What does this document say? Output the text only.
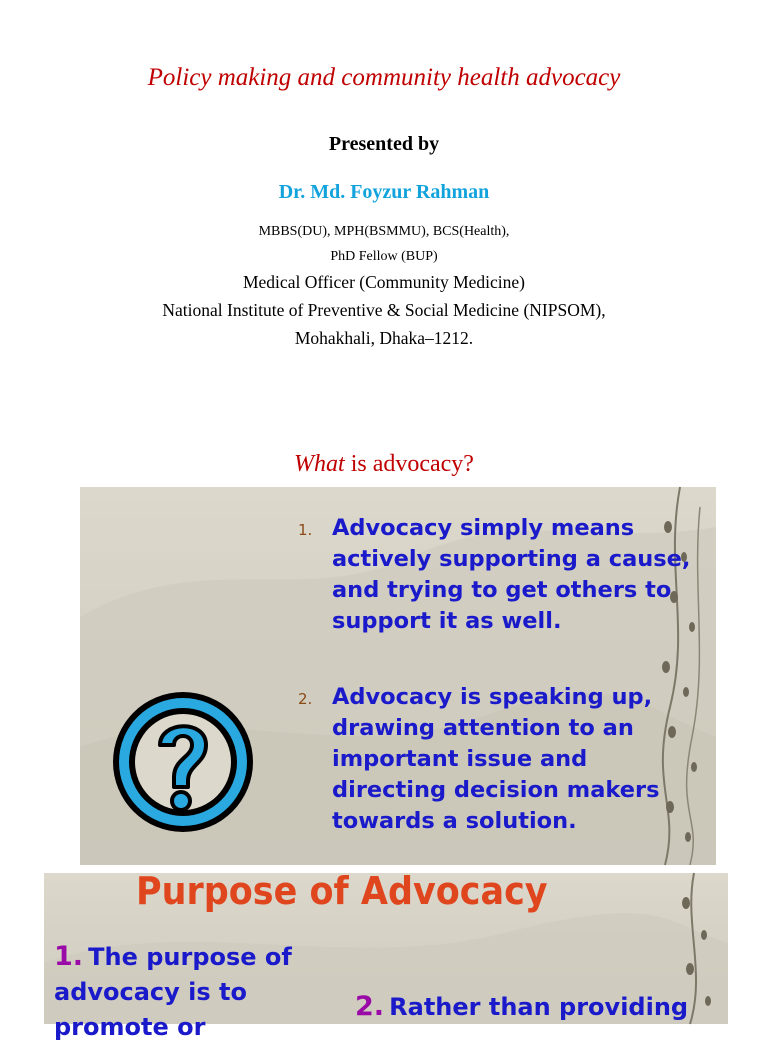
Policy making and community health advocacy
Presented by
Dr. Md. Foyzur Rahman
MBBS(DU), MPH(BSMMU), BCS(Health),
PhD Fellow (BUP)
Medical Officer (Community Medicine)
National Institute of Preventive & Social Medicine (NIPSOM),
Mohakhali, Dhaka–1212.
What is advocacy?
1. Advocacy simply means actively supporting a cause, and trying to get others to support it as well.
2. Advocacy is speaking up, drawing attention to an important issue and directing decision makers towards a solution.
Purpose of Advocacy
1. The purpose of advocacy is to promote or
2. Rather than providing
